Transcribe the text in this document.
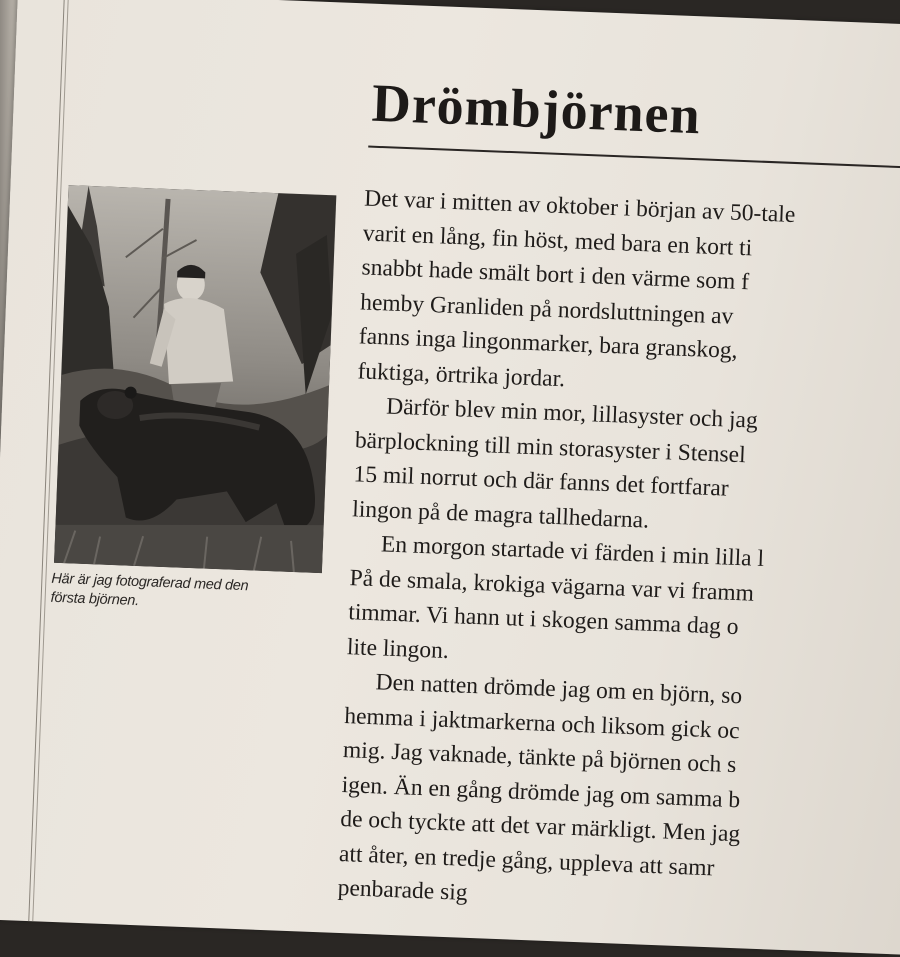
Drömbjörnen
Här är jag fotograferad med den
första björnen.
Det var i mitten av oktober i början av 50-tale
varit en lång, fin höst, med bara en kort ti
snabbt hade smält bort i den värme som f
hemby Granliden på nordsluttningen av
fanns inga lingonmarker, bara granskog,
fuktiga, örtrika jordar.
Därför blev min mor, lillasyster och jag
bärplockning till min storasyster i Stensel
15 mil norrut och där fanns det fortfarar
lingon på de magra tallhedarna.
En morgon startade vi färden i min lilla l
På de smala, krokiga vägarna var vi framm
timmar. Vi hann ut i skogen samma dag o
lite lingon.
Den natten drömde jag om en björn, so
hemma i jaktmarkerna och liksom gick oc
mig. Jag vaknade, tänkte på björnen och s
igen. Än en gång drömde jag om samma b
de och tyckte att det var märkligt. Men jag
att åter, en tredje gång, uppleva att samr
penbarade sig
